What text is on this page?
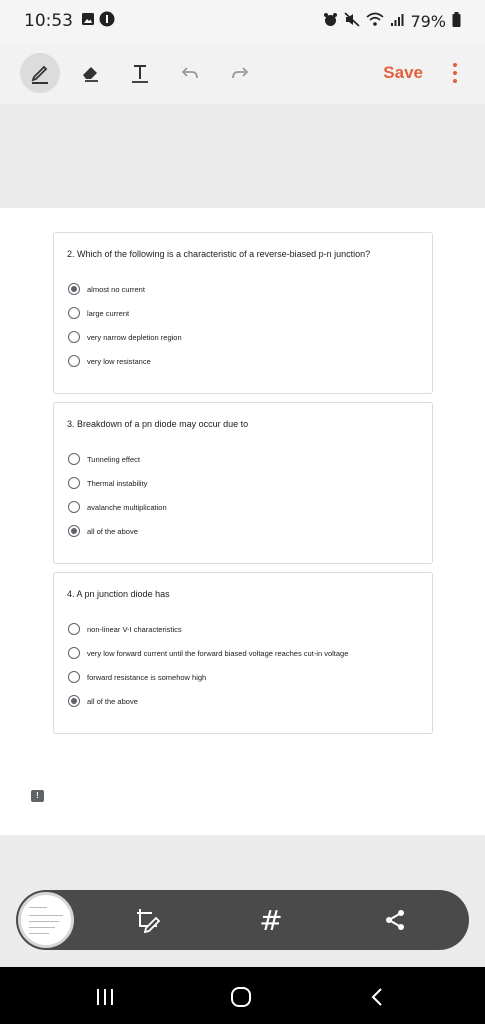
10:53	79%
Save
2. Which of the following is a characteristic of a reverse-biased p-n junction?
almost no current
large current
very narrow depletion region
very low resistance
3. Breakdown of a pn diode may occur due to
Tunneling effect
Thermal instability
avalanche multiplication
all of the above
4. A pn junction diode has
non-linear V-I characteristics
very low forward current until the forward biased voltage reaches cut-in voltage
forward resistance is somehow high
all of the above
!
#
